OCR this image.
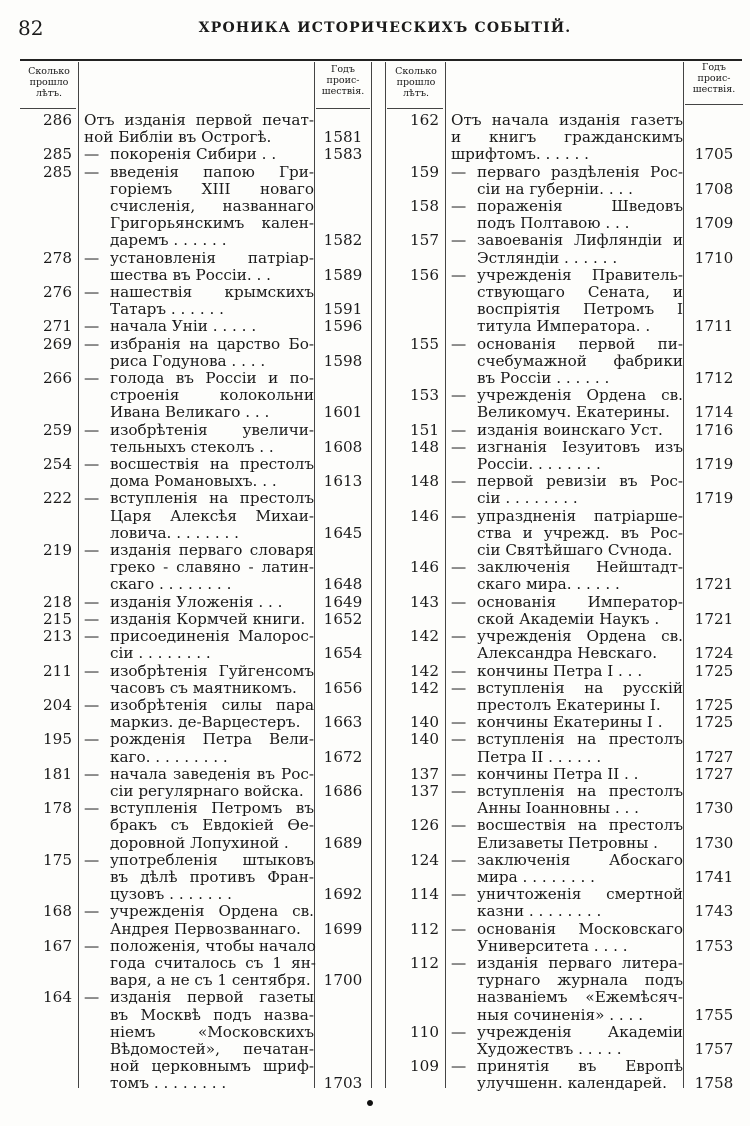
82	ХРОНИКА ИСТОРИЧЕСКИХЪ СОБЫТІЙ.
Сколько
прошло
лѣтъ.
Годъ
проис-
шествія.
286 Отъ изданія первой печат-
ной Библіи въ Острогѣ.	1581
285 — покоренія Сибири . .	1583
285 — введенія папою Гри-
горіемъ XIII новаго
счисленія, названнаго
Григорьянскимъ кален-
даремъ . . . . . .	1582
278 — установленія патріар-
шества въ Россіи. . .	1589
276 — нашествія крымскихъ
Татаръ . . . . . .	1591
271 — начала Уніи . . . . .	1596
269 — избранія на царство Бо-
риса Годунова . . . .	1598
266 — голода въ Россіи и по-
строенія колокольни
Ивана Великаго . . .	1601
259 — изобрѣтенія увеличи-
тельныхъ стеколъ . .	1608
254 — восшествія на престолъ
дома Романовыхъ. . .	1613
222 — вступленія на престолъ
Царя Алексѣя Михаи-
ловича. . . . . . . .	1645
219 — изданія перваго словаря
греко - славяно - латин-
скаго . . . . . . . .	1648
218 — изданія Уложенія . . .	1649
215 — изданія Кормчей книги.	1652
213 — присоединенія Малорос-
сіи . . . . . . . .	1654
211 — изобрѣтенія Гуйгенсомъ
часовъ съ маятникомъ.	1656
204 — изобрѣтенія силы пара
маркиз. де-Варцестеръ.	1663
195 — рожденія Петра Вели-
каго. . . . . . . . .	1672
181 — начала заведенія въ Рос-
сіи регулярнаго войска.	1686
178 — вступленія Петромъ въ
бракъ съ Евдокіей Ѳе-
доровной Лопухиной .	1689
175 — употребленія штыковъ
въ дѣлѣ противъ Фран-
цузовъ . . . . . . .	1692
168 — учрежденія Ордена св.
Андрея Первозваннаго.	1699
167 — положенія, чтобы начало
года считалось съ 1 ян-
варя, а не съ 1 сентября. 1700
164 — изданія первой газеты
въ Москвѣ подъ назва-
ніемъ «Московскихъ
Вѣдомостей», печатан-
ной церковнымъ шриф-
томъ . . . . . . . .	1703
Сколько
прошло
лѣтъ.
Годъ
проис-
шествія.
162 Отъ начала изданія газетъ
и книгъ гражданскимъ
шрифтомъ. . . . . .	1705
159 — перваго раздѣленія Рос-
сіи на губерніи. . . .	1708
158 — пораженія Шведовъ
подъ Полтавою . . .	1709
157 — завоеванія Лифляндіи и
Эстляндіи . . . . . .	1710
156 — учрежденія Правитель-
ствующаго Сената, и
воспріятія Петромъ I
титула Императора. .	1711
155 — основанія первой пи-
счебумажной фабрики
въ Россіи . . . . . .	1712
153 — учрежденія Ордена св.
Великомуч. Екатерины.	1714
151 — изданія воинскаго Уст.	1716
148 — изгнанія Іезуитовъ изъ
Россіи. . . . . . . .	1719
148 — первой ревизіи въ Рос-
сіи . . . . . . . .	1719
146 — упраздненія патріарше-
ства и учрежд. въ Рос-
сіи Святѣйшаго Сѵнода.
146 — заключенія Нейштадт-
скаго мира. . . . . .	1721
143 — основанія Император-
ской Академіи Наукъ .	1721
142 — учрежденія Ордена св.
Александра Невскаго.	1724
142 — кончины Петра I . . .	1725
142 — вступленія на русскій
престолъ Екатерины I.	1725
140 — кончины Екатерины I .	1725
140 — вступленія на престолъ
Петра II . . . . . .	1727
137 — кончины Петра II . .	1727
137 — вступленія на престолъ
Анны Іоанновны . . .	1730
126 — восшествія на престолъ
Елизаветы Петровны .	1730
124 — заключенія Абоскаго
мира . . . . . . . .	1741
114 — уничтоженія смертной
казни . . . . . . . .	1743
112 — основанія Московскаго
Университета . . . .	1753
112 — изданія перваго литера-
турнаго журнала подъ
названіемъ «Ежемѣсяч-
ныя сочиненія» . . . .	1755
110 — учрежденія Академіи
Художествъ . . . . .	1757
109 — принятія въ Европѣ
улучшенн. календарей.	1758
